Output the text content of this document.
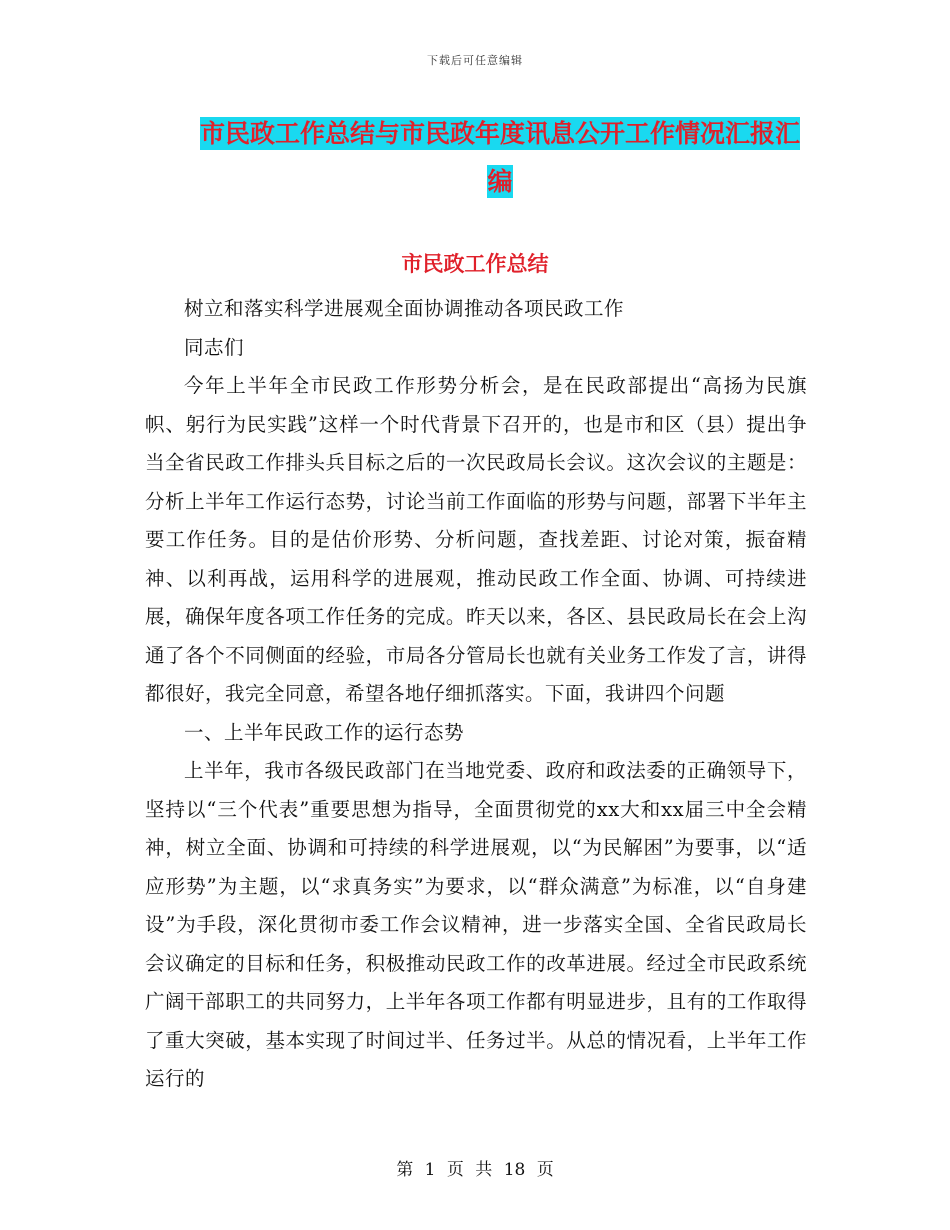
下载后可任意编辑
市民政工作总结与市民政年度讯息公开工作情况汇报汇编
市民政工作总结

树立和落实科学进展观全面协调推动各项民政工作

同志们

今年上半年全市民政工作形势分析会，是在民政部提出“高扬为民旗帜、躬行为民实践”这样一个时代背景下召开的，也是市和区（县）提出争当全省民政工作排头兵目标之后的一次民政局长会议。这次会议的主题是：分析上半年工作运行态势，讨论当前工作面临的形势与问题，部署下半年主要工作任务。目的是估价形势、分析问题，查找差距、讨论对策，振奋精神、以利再战，运用科学的进展观，推动民政工作全面、协调、可持续进展，确保年度各项工作任务的完成。昨天以来，各区、县民政局长在会上沟通了各个不同侧面的经验，市局各分管局长也就有关业务工作发了言，讲得都很好，我完全同意，希望各地仔细抓落实。下面，我讲四个问题

一、上半年民政工作的运行态势

上半年，我市各级民政部门在当地党委、政府和政法委的正确领导下，坚持以“三个代表”重要思想为指导，全面贯彻党的xx大和xx届三中全会精神，树立全面、协调和可持续的科学进展观，以“为民解困”为要事，以“适应形势”为主题，以“求真务实”为要求，以“群众满意”为标准，以“自身建设”为手段，深化贯彻市委工作会议精神，进一步落实全国、全省民政局长会议确定的目标和任务，积极推动民政工作的改革进展。经过全市民政系统广阔干部职工的共同努力，上半年各项工作都有明显进步，且有的工作取得了重大突破，基本实现了时间过半、任务过半。从总的情况看，上半年工作运行的

第 1 页 共 18 页
